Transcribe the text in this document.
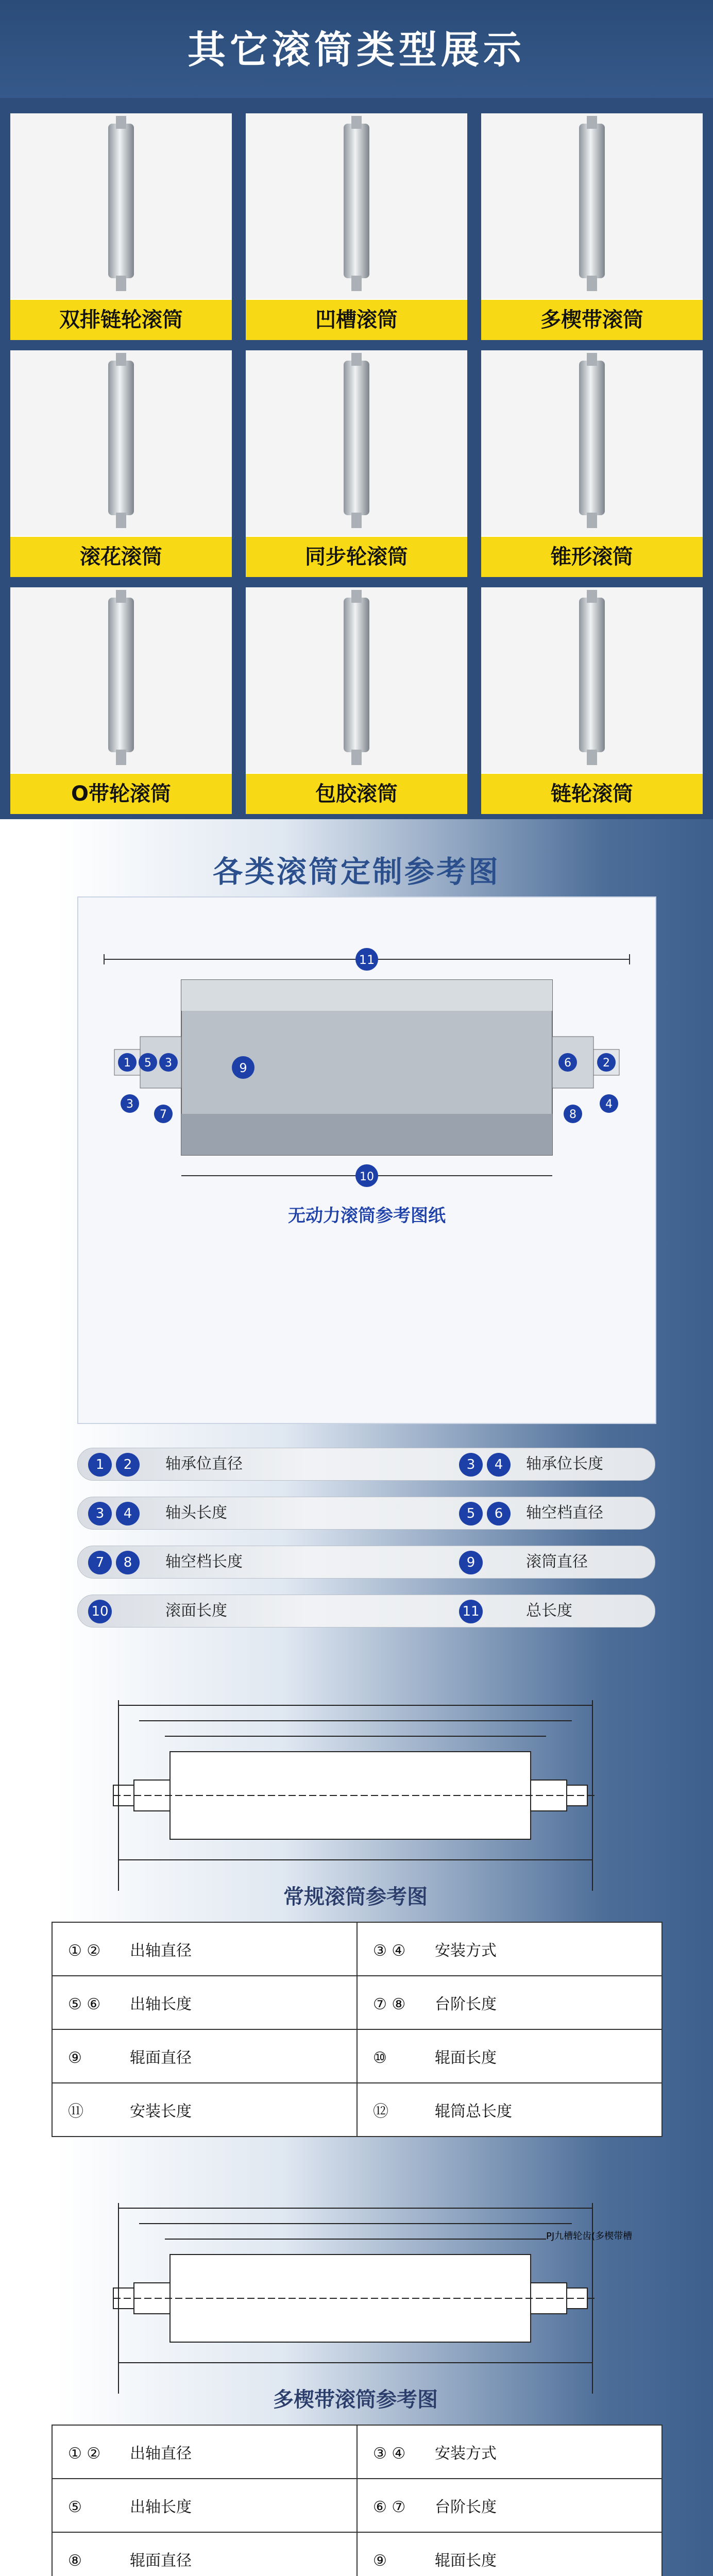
其它滚筒类型展示
双排链轮滚筒	凹槽滚筒	多楔带滚筒
滚花滚筒	同步轮滚筒	锥形滚筒
O带轮滚筒	包胶滚筒	链轮滚筒
各类滚筒定制参考图
11
1 5 3
3
7
9	6	2
8
4
10
无动力滚筒参考图纸
1 2	轴承位直径	3 4	轴承位长度
3 4	轴头长度	5 6	轴空档直径
7 8	轴空档长度	9	滚筒直径
10	滚面长度	11	总长度
常规滚筒参考图
① ② 出轴直径	③ ④ 安装方式
⑤ ⑥ 出轴长度	⑦ ⑧ 台阶长度
⑨ 辊面直径	⑩ 辊面长度
⑪ 安装长度	⑫ 辊筒总长度
PJ九槽轮齿(多楔带槽
多楔带滚筒参考图
① ② 出轴直径	③ ④ 安装方式
⑤ 出轴长度	⑥ ⑦ 台阶长度
⑧ 辊面直径	⑨ 辊面长度
